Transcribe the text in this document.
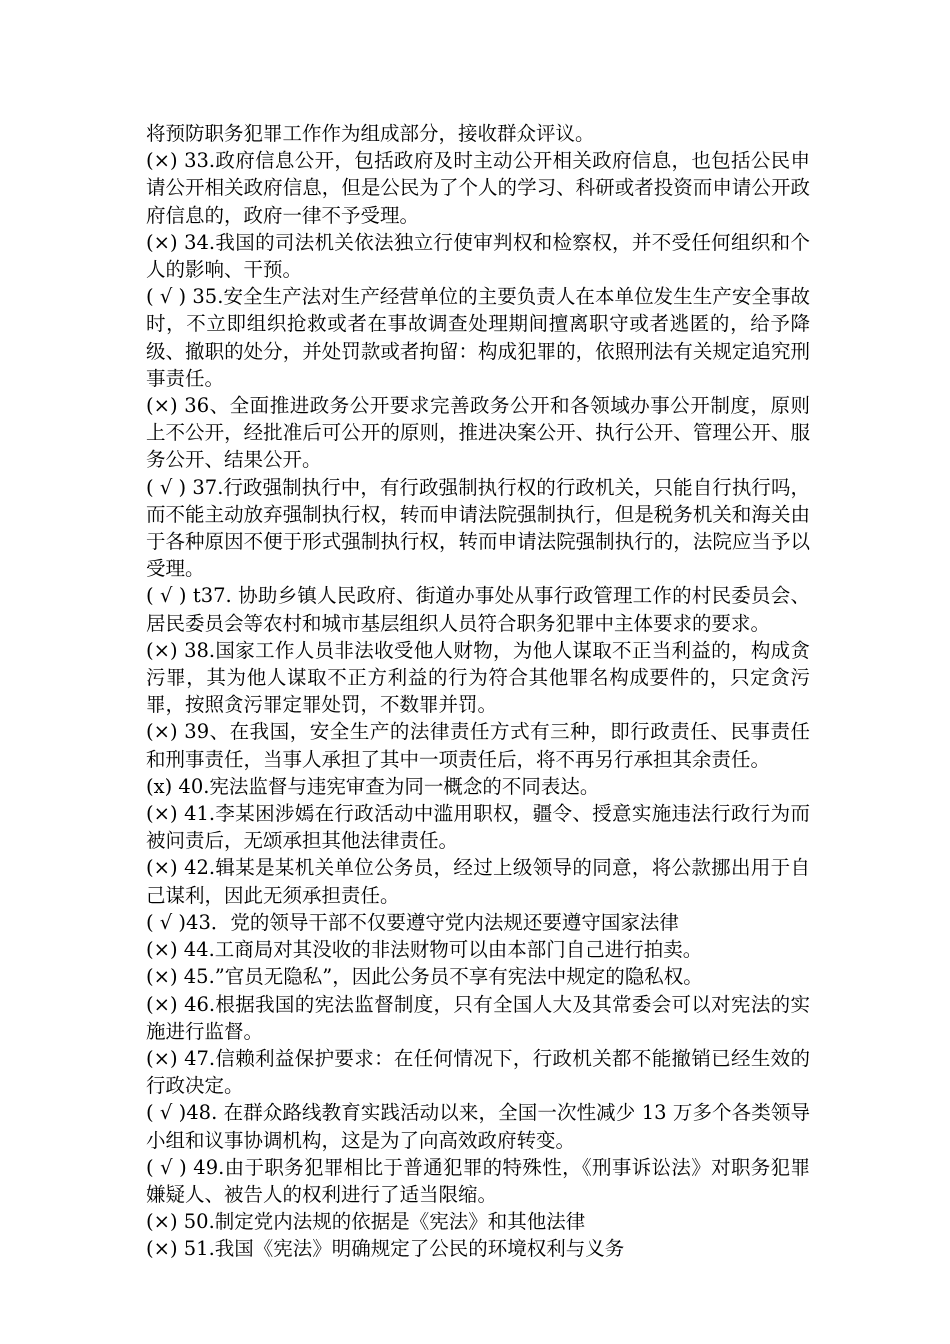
将预防职务犯罪工作作为组成部分，接收群众评议。

(×) 33.政府信息公开，包括政府及时主动公开相关政府信息，也包括公民申请公开相关政府信息，但是公民为了个人的学习、科研或者投资而申请公开政府信息的，政府一律不予受理。

(×) 34.我国的司法机关依法独立行使审判权和检察权，并不受任何组织和个人的影响、干预。

( √ ) 35.安全生产法对生产经营单位的主要负责人在本单位发生生产安全事故时，不立即组织抢救或者在事故调查处理期间擅离职守或者逃匿的，给予降级、撤职的处分，并处罚款或者拘留：构成犯罪的，依照刑法有关规定追究刑事责任。

(×) 36、全面推进政务公开要求完善政务公开和各领域办事公开制度，原则上不公开，经批准后可公开的原则，推进决案公开、执行公开、管理公开、服务公开、结果公开。

( √ ) 37.行政强制执行中，有行政强制执行权的行政机关，只能自行执行吗，而不能主动放弃强制执行权，转而申请法院强制执行，但是税务机关和海关由于各种原因不便于形式强制执行权，转而申请法院强制执行的，法院应当予以受理。

( √ ) t37. 协助乡镇人民政府、街道办事处从事行政管理工作的村民委员会、居民委员会等农村和城市基层组织人员符合职务犯罪中主体要求的要求。

(×) 38.国家工作人员非法收受他人财物，为他人谋取不正当利益的，构成贪污罪，其为他人谋取不正方利益的行为符合其他罪名构成要件的，只定贪污罪，按照贪污罪定罪处罚，不数罪并罚。

(×) 39、在我国，安全生产的法律责任方式有三种，即行政责任、民事责任和刑事责任，当事人承担了其中一项责任后，将不再另行承担其余责任。

(x) 40.宪法监督与违宪审查为同一概念的不同表达。

(×) 41.李某困涉嫣在行政活动中滥用职权，疆令、授意实施违法行政行为而被问责后，无颂承担其他法律责任。

(×) 42.辑某是某机关单位公务员，经过上级领导的同意，将公款挪出用于自己谋利，因此无须承担责任。

( √ )43．党的领导干部不仅要遵守党内法规还要遵守国家法律

(×) 44.工商局对其没收的非法财物可以由本部门自己进行拍卖。

(×) 45.”官员无隐私”，因此公务员不享有宪法中规定的隐私权。

(×) 46.根据我国的宪法监督制度，只有全国人大及其常委会可以对宪法的实施进行监督。

(×) 47.信赖利益保护要求：在任何情况下，行政机关都不能撤销已经生效的行政决定。

( √ )48. 在群众路线教育实践活动以来，全国一次性减少 13 万多个各类领导小组和议事协调机构，这是为了向高效政府转变。

( √ ) 49.由于职务犯罪相比于普通犯罪的特殊性，《刑事诉讼法》对职务犯罪嫌疑人、被告人的权利进行了适当限缩。

(×) 50.制定党内法规的依据是《宪法》和其他法律

(×) 51.我国《宪法》明确规定了公民的环境权利与义务
